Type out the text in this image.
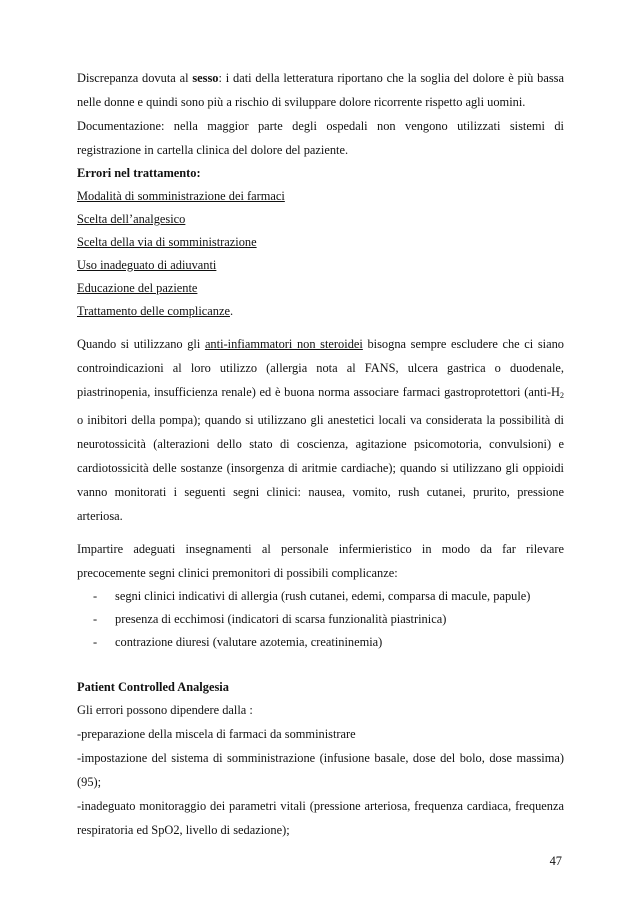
Discrepanza dovuta al sesso: i dati della letteratura riportano che la soglia del dolore è più bassa nelle donne e quindi sono più a rischio di sviluppare dolore ricorrente rispetto agli uomini.

Documentazione: nella maggior parte degli ospedali non vengono utilizzati sistemi di registrazione in cartella clinica del dolore del paziente.

Errori nel trattamento:

Modalità di somministrazione dei farmaci

Scelta dell’analgesico

Scelta della via di somministrazione

Uso inadeguato di adiuvanti

Educazione del paziente

Trattamento delle complicanze.

Quando si utilizzano gli anti-infiammatori non steroidei bisogna sempre escludere che ci siano controindicazioni al loro utilizzo (allergia nota al FANS, ulcera gastrica o duodenale, piastrinopenia, insufficienza renale) ed è buona norma associare farmaci gastroprotettori ($anti-H_2$ o inibitori della pompa); quando si utilizzano gli anestetici locali va considerata la possibilità di neurotossicità (alterazioni dello stato di coscienza, agitazione psicomotoria, convulsioni) e cardiotossicità delle sostanze (insorgenza di aritmie cardiache); quando si utilizzano gli oppioidi vanno monitorati i seguenti segni clinici: nausea, vomito, rush cutanei, prurito, pressione arteriosa.

Impartire adeguati insegnamenti al personale infermieristico in modo da far rilevare precocemente segni clinici premonitori di possibili complicanze:

- segni clinici indicativi di allergia (rush cutanei, edemi, comparsa di macule, papule)
- presenza di ecchimosi (indicatori di scarsa funzionalità piastrinica)
- contrazione diuresi (valutare azotemia, creatininemia)

Patient Controlled Analgesia

Gli errori possono dipendere dalla :

-preparazione della miscela di farmaci da somministrare

-impostazione del sistema di somministrazione (infusione basale, dose del bolo, dose massima) (95);

-inadeguato monitoraggio dei parametri vitali (pressione arteriosa, frequenza cardiaca, frequenza respiratoria ed SpO2, livello di sedazione);

47
